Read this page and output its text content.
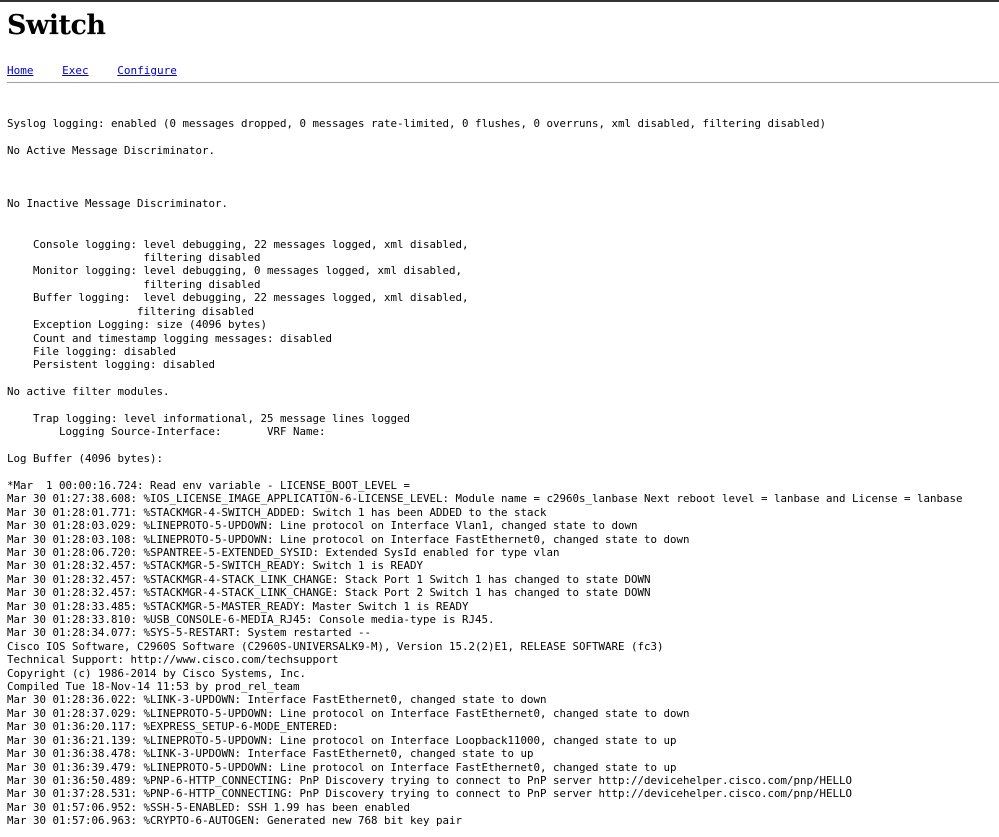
Switch
Home	Exec	Configure
Syslog logging: enabled (0 messages dropped, 0 messages rate-limited, 0 flushes, 0 overruns, xml disabled, filtering disabled)

No Active Message Discriminator.

No Inactive Message Discriminator.

Console logging: level debugging, 22 messages logged, xml disabled,
filtering disabled
Monitor logging: level debugging, 0 messages logged, xml disabled,
filtering disabled
Buffer logging:  level debugging, 22 messages logged, xml disabled,
filtering disabled
Exception Logging: size (4096 bytes)
Count and timestamp logging messages: disabled
File logging: disabled
Persistent logging: disabled

No active filter modules.

Trap logging: level informational, 25 message lines logged
Logging Source-Interface:       VRF Name:

Log Buffer (4096 bytes):

*Mar  1 00:00:16.724: Read env variable - LICENSE_BOOT_LEVEL =
Mar 30 01:27:38.608: %IOS_LICENSE_IMAGE_APPLICATION-6-LICENSE_LEVEL: Module name = c2960s_lanbase Next reboot level = lanbase and License = lanbase
Mar 30 01:28:01.771: %STACKMGR-4-SWITCH_ADDED: Switch 1 has been ADDED to the stack
Mar 30 01:28:03.029: %LINEPROTO-5-UPDOWN: Line protocol on Interface Vlan1, changed state to down
Mar 30 01:28:03.108: %LINEPROTO-5-UPDOWN: Line protocol on Interface FastEthernet0, changed state to down
Mar 30 01:28:06.720: %SPANTREE-5-EXTENDED_SYSID: Extended SysId enabled for type vlan
Mar 30 01:28:32.457: %STACKMGR-5-SWITCH_READY: Switch 1 is READY
Mar 30 01:28:32.457: %STACKMGR-4-STACK_LINK_CHANGE: Stack Port 1 Switch 1 has changed to state DOWN
Mar 30 01:28:32.457: %STACKMGR-4-STACK_LINK_CHANGE: Stack Port 2 Switch 1 has changed to state DOWN
Mar 30 01:28:33.485: %STACKMGR-5-MASTER_READY: Master Switch 1 is READY
Mar 30 01:28:33.810: %USB_CONSOLE-6-MEDIA_RJ45: Console media-type is RJ45.
Mar 30 01:28:34.077: %SYS-5-RESTART: System restarted --
Cisco IOS Software, C2960S Software (C2960S-UNIVERSALK9-M), Version 15.2(2)E1, RELEASE SOFTWARE (fc3)
Technical Support: http://www.cisco.com/techsupport
Copyright (c) 1986-2014 by Cisco Systems, Inc.
Compiled Tue 18-Nov-14 11:53 by prod_rel_team
Mar 30 01:28:36.022: %LINK-3-UPDOWN: Interface FastEthernet0, changed state to down
Mar 30 01:28:37.029: %LINEPROTO-5-UPDOWN: Line protocol on Interface FastEthernet0, changed state to down
Mar 30 01:36:20.117: %EXPRESS_SETUP-6-MODE_ENTERED:
Mar 30 01:36:21.139: %LINEPROTO-5-UPDOWN: Line protocol on Interface Loopback11000, changed state to up
Mar 30 01:36:38.478: %LINK-3-UPDOWN: Interface FastEthernet0, changed state to up
Mar 30 01:36:39.479: %LINEPROTO-5-UPDOWN: Line protocol on Interface FastEthernet0, changed state to up
Mar 30 01:36:50.489: %PNP-6-HTTP_CONNECTING: PnP Discovery trying to connect to PnP server http://devicehelper.cisco.com/pnp/HELLO
Mar 30 01:37:28.531: %PNP-6-HTTP_CONNECTING: PnP Discovery trying to connect to PnP server http://devicehelper.cisco.com/pnp/HELLO
Mar 30 01:57:06.952: %SSH-5-ENABLED: SSH 1.99 has been enabled
Mar 30 01:57:06.963: %CRYPTO-6-AUTOGEN: Generated new 768 bit key pair
